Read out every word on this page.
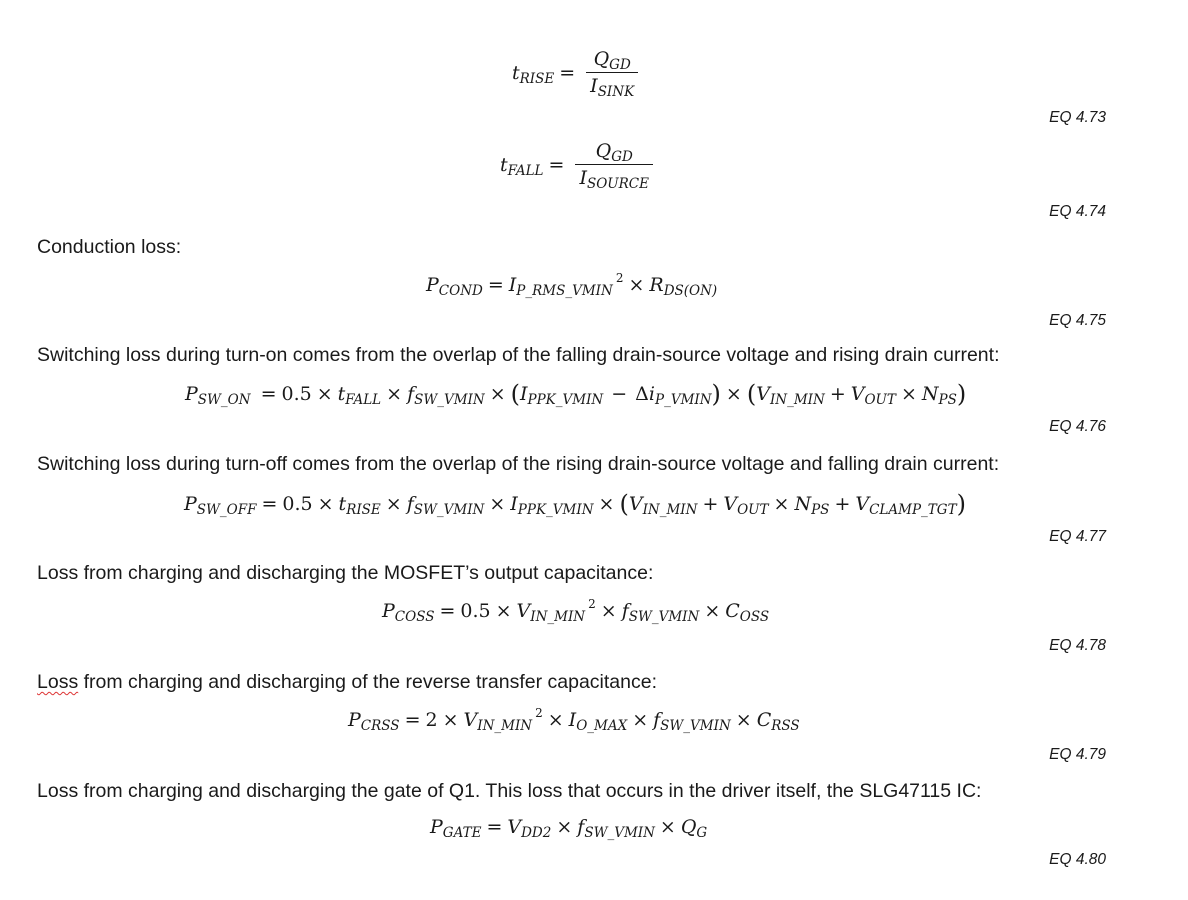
$t_{RISE} = \frac{Q_{GD}}{I_{SINK}}$
EQ 4.73
$t_{FALL} = \frac{Q_{GD}}{I_{SOURCE}}$
EQ 4.74
Conduction loss:
$P_{COND} = I_{P\_RMS\_VMIN}^2 \times R_{DS(ON)}$
EQ 4.75
Switching loss during turn-on comes from the overlap of the falling drain-source voltage and rising drain current:
$P_{SW\_ON} = 0.5 \times t_{FALL} \times f_{SW\_VMIN} \times (I_{PPK\_VMIN} - \Delta i_{P\_VMIN}) \times (V_{IN\_MIN} + V_{OUT} \times N_{PS})$
EQ 4.76
Switching loss during turn-off comes from the overlap of the rising drain-source voltage and falling drain current:
$P_{SW\_OFF} = 0.5 \times t_{RISE} \times f_{SW\_VMIN} \times I_{PPK\_VMIN} \times (V_{IN\_MIN} + V_{OUT} \times N_{PS} + V_{CLAMP\_TGT})$
EQ 4.77
Loss from charging and discharging the MOSFET’s output capacitance:
$P_{COSS} = 0.5 \times V_{IN\_MIN}^2 \times f_{SW\_VMIN} \times C_{OSS}$
EQ 4.78
Loss from charging and discharging of the reverse transfer capacitance:
$P_{CRSS} = 2 \times V_{IN\_MIN}^2 \times I_{O\_MAX} \times f_{SW\_VMIN} \times C_{RSS}$
EQ 4.79
Loss from charging and discharging the gate of Q1. This loss that occurs in the driver itself, the SLG47115 IC:
$P_{GATE} = V_{DD2} \times f_{SW\_VMIN} \times Q_G$
EQ 4.80
